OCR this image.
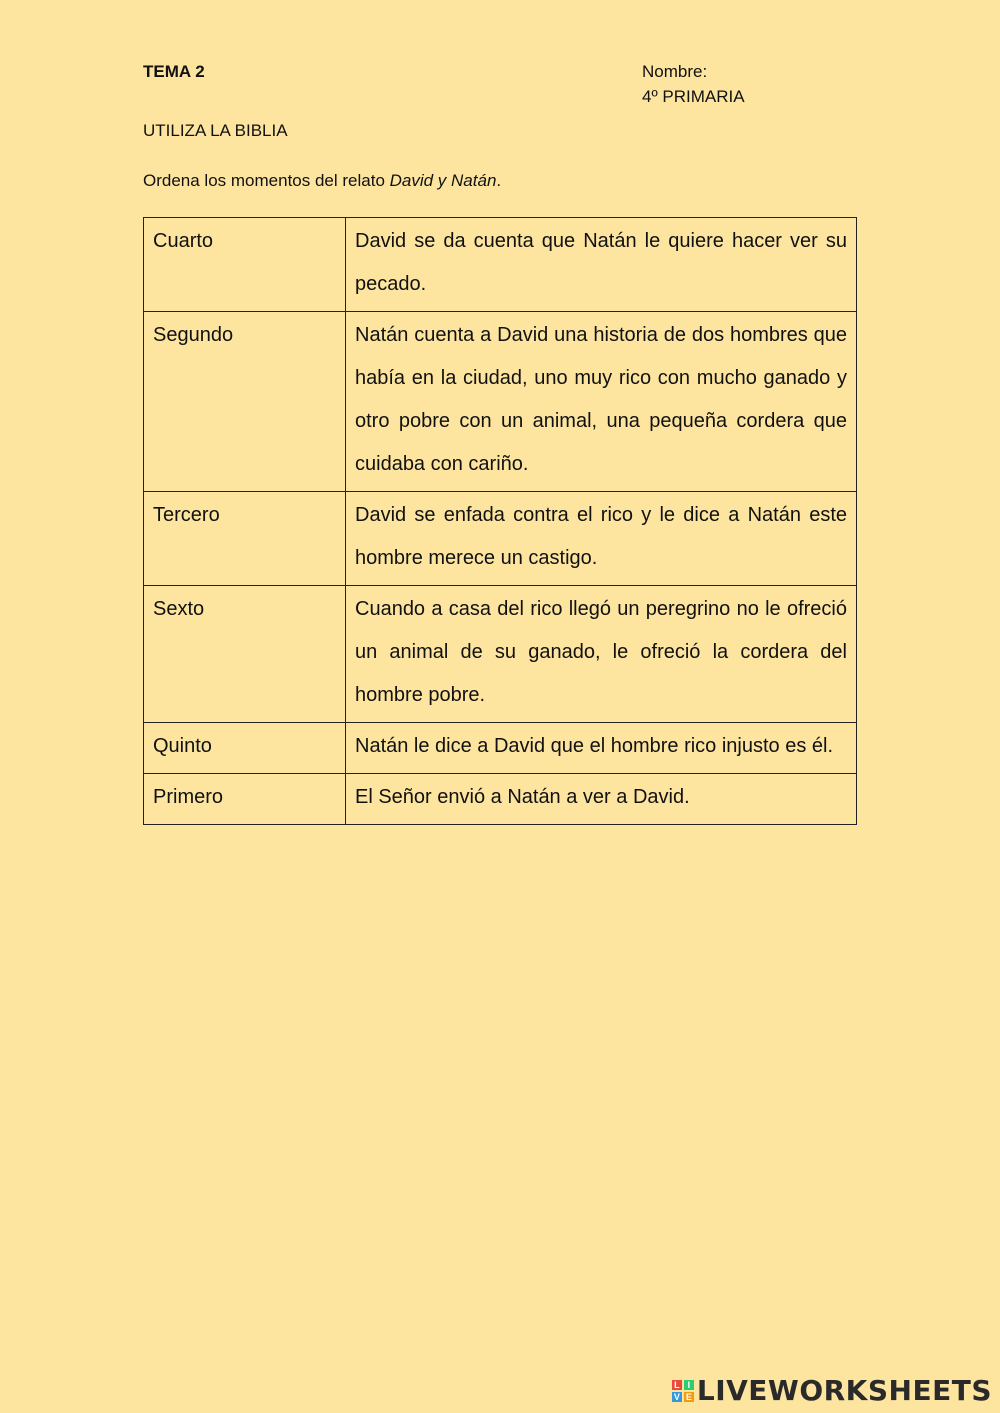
TEMA 2	Nombre:
4º PRIMARIA
UTILIZA LA BIBLIA
Ordena los momentos del relato David y Natán.
Cuarto	David se da cuenta que Natán le quiere hacer ver su pecado.
Segundo	Natán cuenta a David una historia de dos hombres que había en la ciudad, uno muy rico con mucho ganado y otro pobre con un animal, una pequeña cordera que cuidaba con cariño.
Tercero	David se enfada contra el rico y le dice a Natán este hombre merece un castigo.
Sexto	Cuando a casa del rico llegó un peregrino no le ofreció un animal de su ganado, le ofreció la cordera del hombre pobre.
Quinto	Natán le dice a David que el hombre rico injusto es él.
Primero	El Señor envió a Natán a ver a David.
L I
V E LIVEWORKSHEETS
